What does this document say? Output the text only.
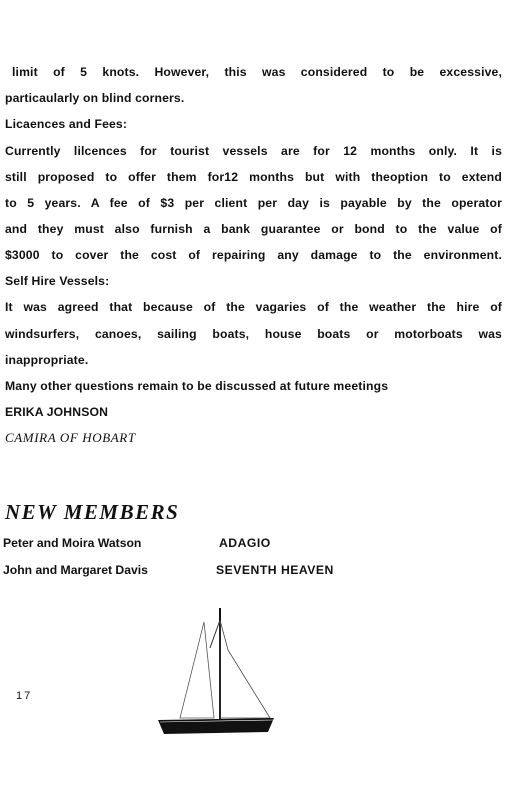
limit of 5 knots. However, this was considered to be excessive,
particaularly on blind corners.
Licaences and Fees:
Currently lilcences for tourist vessels are for 12 months only. It is
still proposed to offer them for12 months but with theoption to extend
to 5 years. A fee of $3 per client per day is payable by the operator
and they must also furnish a bank guarantee or bond to the value of
$3000 to cover the cost of repairing any damage to the environment.
Self Hire Vessels:
It was agreed that because of the vagaries of the weather the hire of
windsurfers, canoes, sailing boats, house boats or motorboats was
inappropriate.
Many other questions remain to be discussed at future meetings
ERIKA JOHNSON
CAMIRA OF HOBART
NEW MEMBERS
Peter and Moira Watson	ADAGIO
John and Margaret Davis	SEVENTH HEAVEN
17
